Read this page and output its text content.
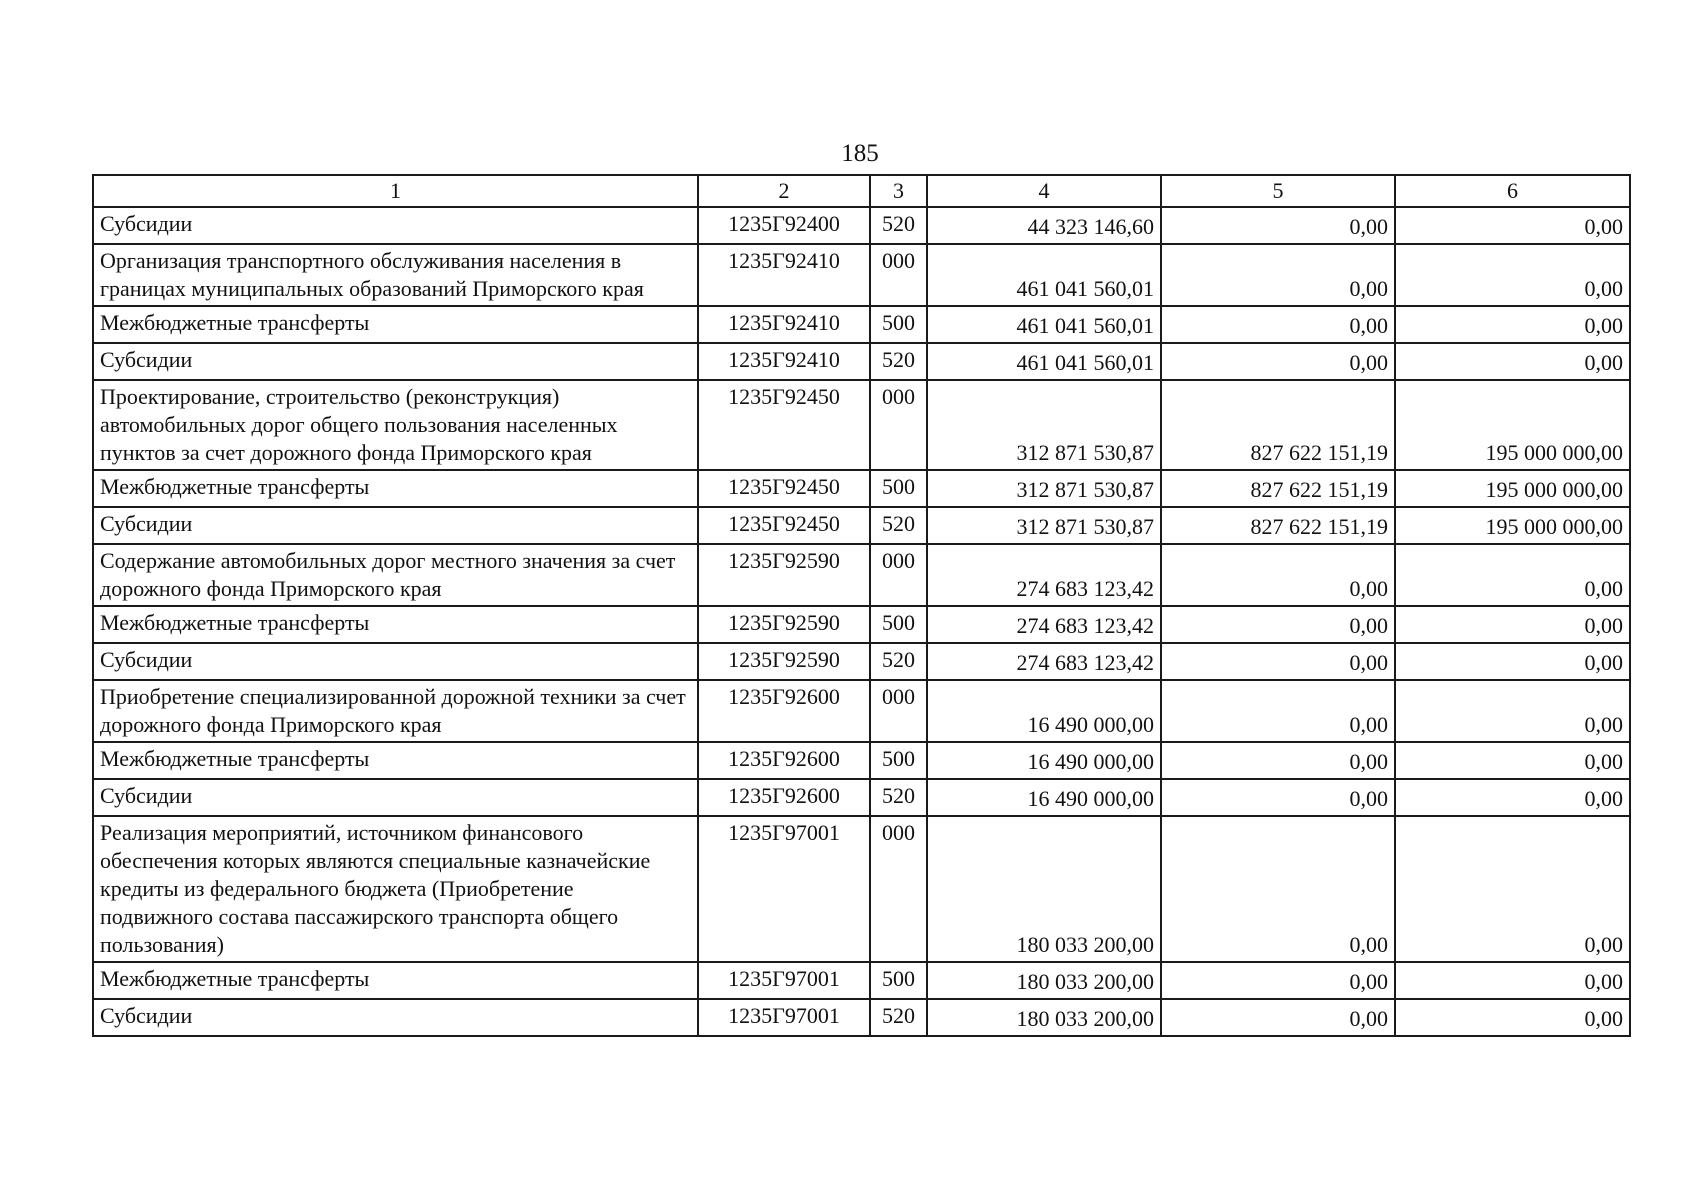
185
1	2	3	4	5	6
Субсидии	1235Г92400	520	44 323 146,60	0,00	0,00
Организация транспортного обслуживания населения в границах муниципальных образований Приморского края	1235Г92410	000	461 041 560,01	0,00	0,00
Межбюджетные трансферты	1235Г92410	500	461 041 560,01	0,00	0,00
Субсидии	1235Г92410	520	461 041 560,01	0,00	0,00
Проектирование, строительство (реконструкция) автомобильных дорог общего пользования населенных пунктов за счет дорожного фонда Приморского края	1235Г92450	000	312 871 530,87	827 622 151,19	195 000 000,00
Межбюджетные трансферты	1235Г92450	500	312 871 530,87	827 622 151,19	195 000 000,00
Субсидии	1235Г92450	520	312 871 530,87	827 622 151,19	195 000 000,00
Содержание автомобильных дорог местного значения за счет дорожного фонда Приморского края	1235Г92590	000	274 683 123,42	0,00	0,00
Межбюджетные трансферты	1235Г92590	500	274 683 123,42	0,00	0,00
Субсидии	1235Г92590	520	274 683 123,42	0,00	0,00
Приобретение специализированной дорожной техники за счет дорожного фонда Приморского края	1235Г92600	000	16 490 000,00	0,00	0,00
Межбюджетные трансферты	1235Г92600	500	16 490 000,00	0,00	0,00
Субсидии	1235Г92600	520	16 490 000,00	0,00	0,00
Реализация мероприятий, источником финансового обеспечения которых являются специальные казначейские кредиты из федерального бюджета (Приобретение подвижного состава пассажирского транспорта общего пользования)	1235Г97001	000	180 033 200,00	0,00	0,00
Межбюджетные трансферты	1235Г97001	500	180 033 200,00	0,00	0,00
Субсидии	1235Г97001	520	180 033 200,00	0,00	0,00
